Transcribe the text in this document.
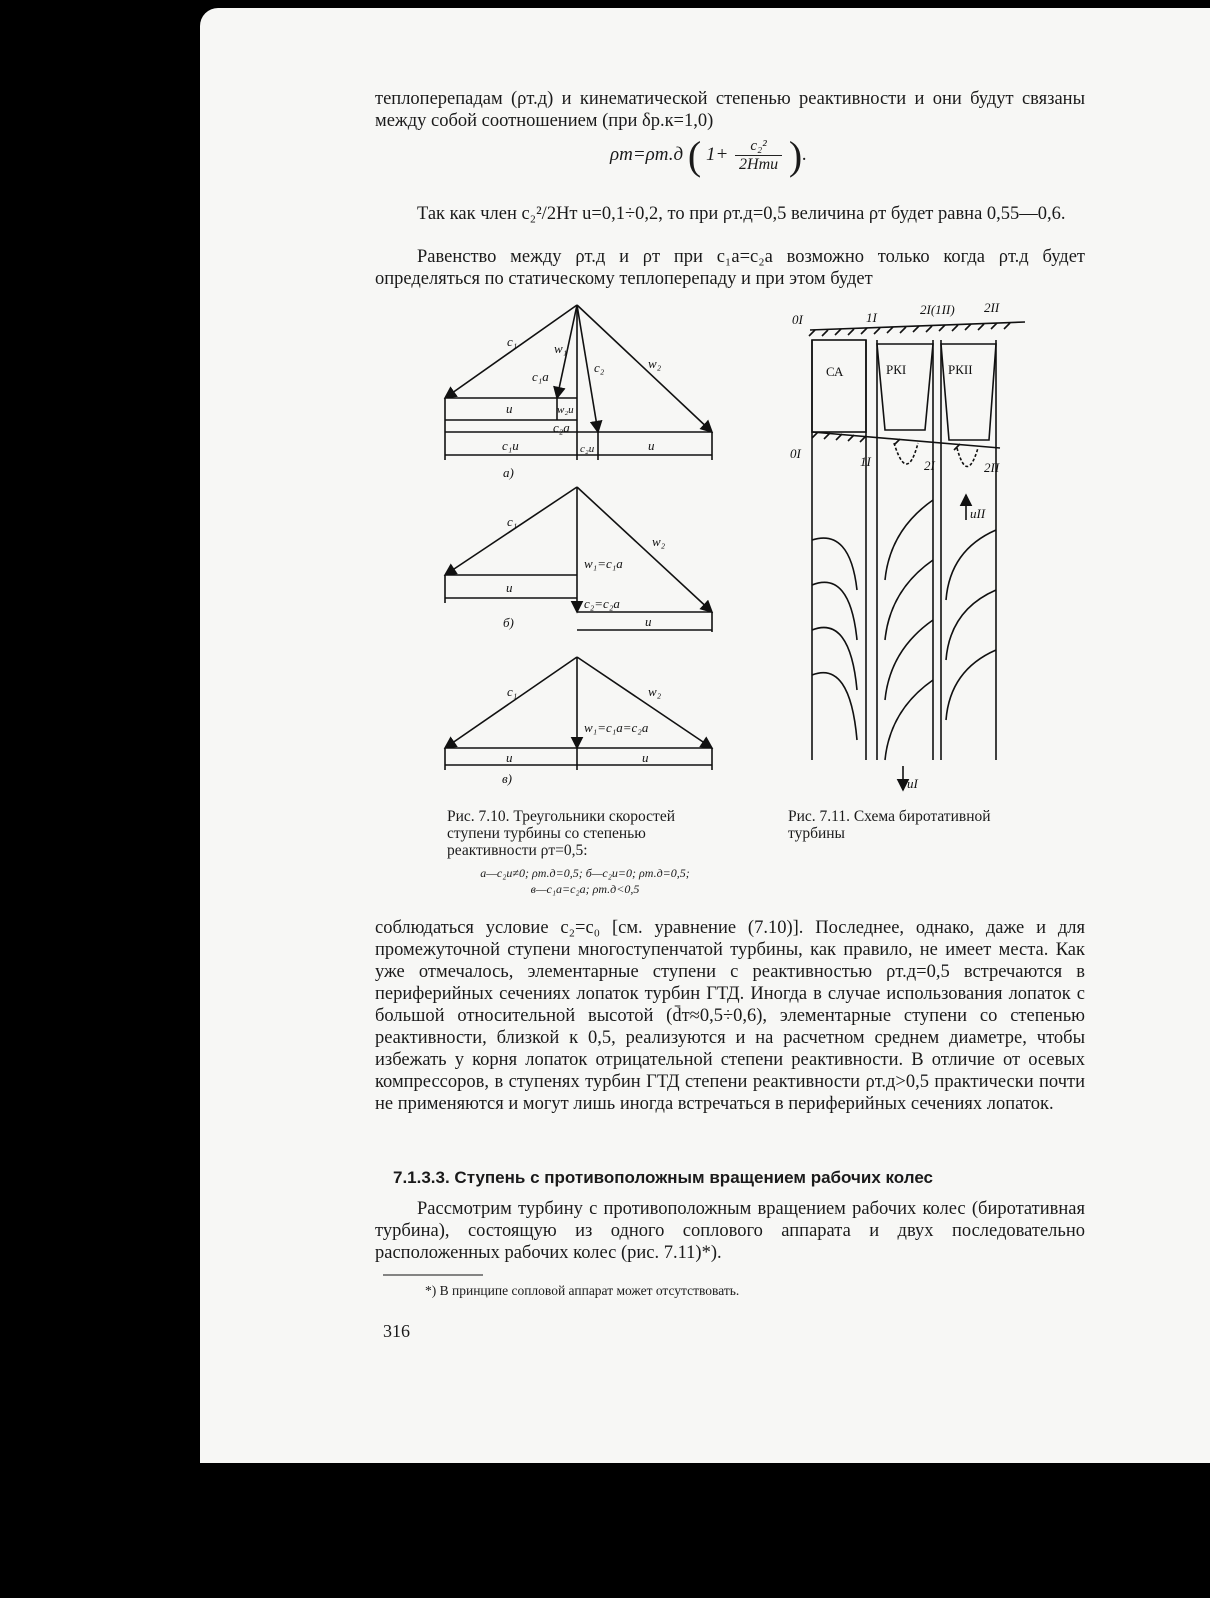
теплоперепадам (ρт.д) и кинематической степенью реактивности и они будут связаны между собой соотношением (при δр.к=1,0)

ρт=ρт.д ( $1+ \frac{\text{c₂²}}{\text{2Hтu}}$ ).

Так как член c₂²/2Hт u=0,1÷0,2, то при ρт.д=0,5 величина ρт будет равна 0,55—0,6.

Равенство между ρт.д и ρт при c₁a=c₂a возможно только когда ρт.д будет определяться по статическому теплоперепаду и при этом будет

c₁	w₁
c₁a
c₂	w₂
u	w₂u
c₂a
c₁u	c₂u	u
а)
c₁
w₂
w₁=c₁a
u
c₂=c₂a
u
б)
c₁	w₂
w₁=c₁a=c₂a
u	u
в)
0I	1I
2I(1II) 2II
СА	РКI	РКII
0I
1I	2I	2II
uII
uI
Рис. 7.10. Треугольники скоростей ступени турбины со степенью реактивности ρт=0,5:
а—c₂u≠0; ρт.д=0,5; б—c₂u=0; ρт.д=0,5;
в—c₁a=c₂a; ρт.д<0,5
Рис. 7.11. Схема биротативной турбины

соблюдаться условие c₂=c₀ [см. уравнение (7.10)]. Последнее, однако, даже и для промежуточной ступени многоступенчатой турбины, как правило, не имеет места. Как уже отмечалось, элементарные ступени с реактивностью ρт.д=0,5 встречаются в периферийных сечениях лопаток турбин ГТД. Иногда в случае использования лопаток с большой относительной высотой (d̄т≈0,5÷0,6), элементарные ступени со степенью реактивности, близкой к 0,5, реализуются и на расчетном среднем диаметре, чтобы избежать у корня лопаток отрицательной степени реактивности. В отличие от осевых компрессоров, в ступенях турбин ГТД степени реактивности ρт.д>0,5 практически почти не применяются и могут лишь иногда встречаться в периферийных сечениях лопаток.

7.1.3.3. Ступень с противоположным вращением рабочих колес

Рассмотрим турбину с противоположным вращением рабочих колес (биротативная турбина), состоящую из одного соплового аппарата и двух последовательно расположенных рабочих колес (рис. 7.11)*).

*) В принципе сопловой аппарат может отсутствовать.
316
